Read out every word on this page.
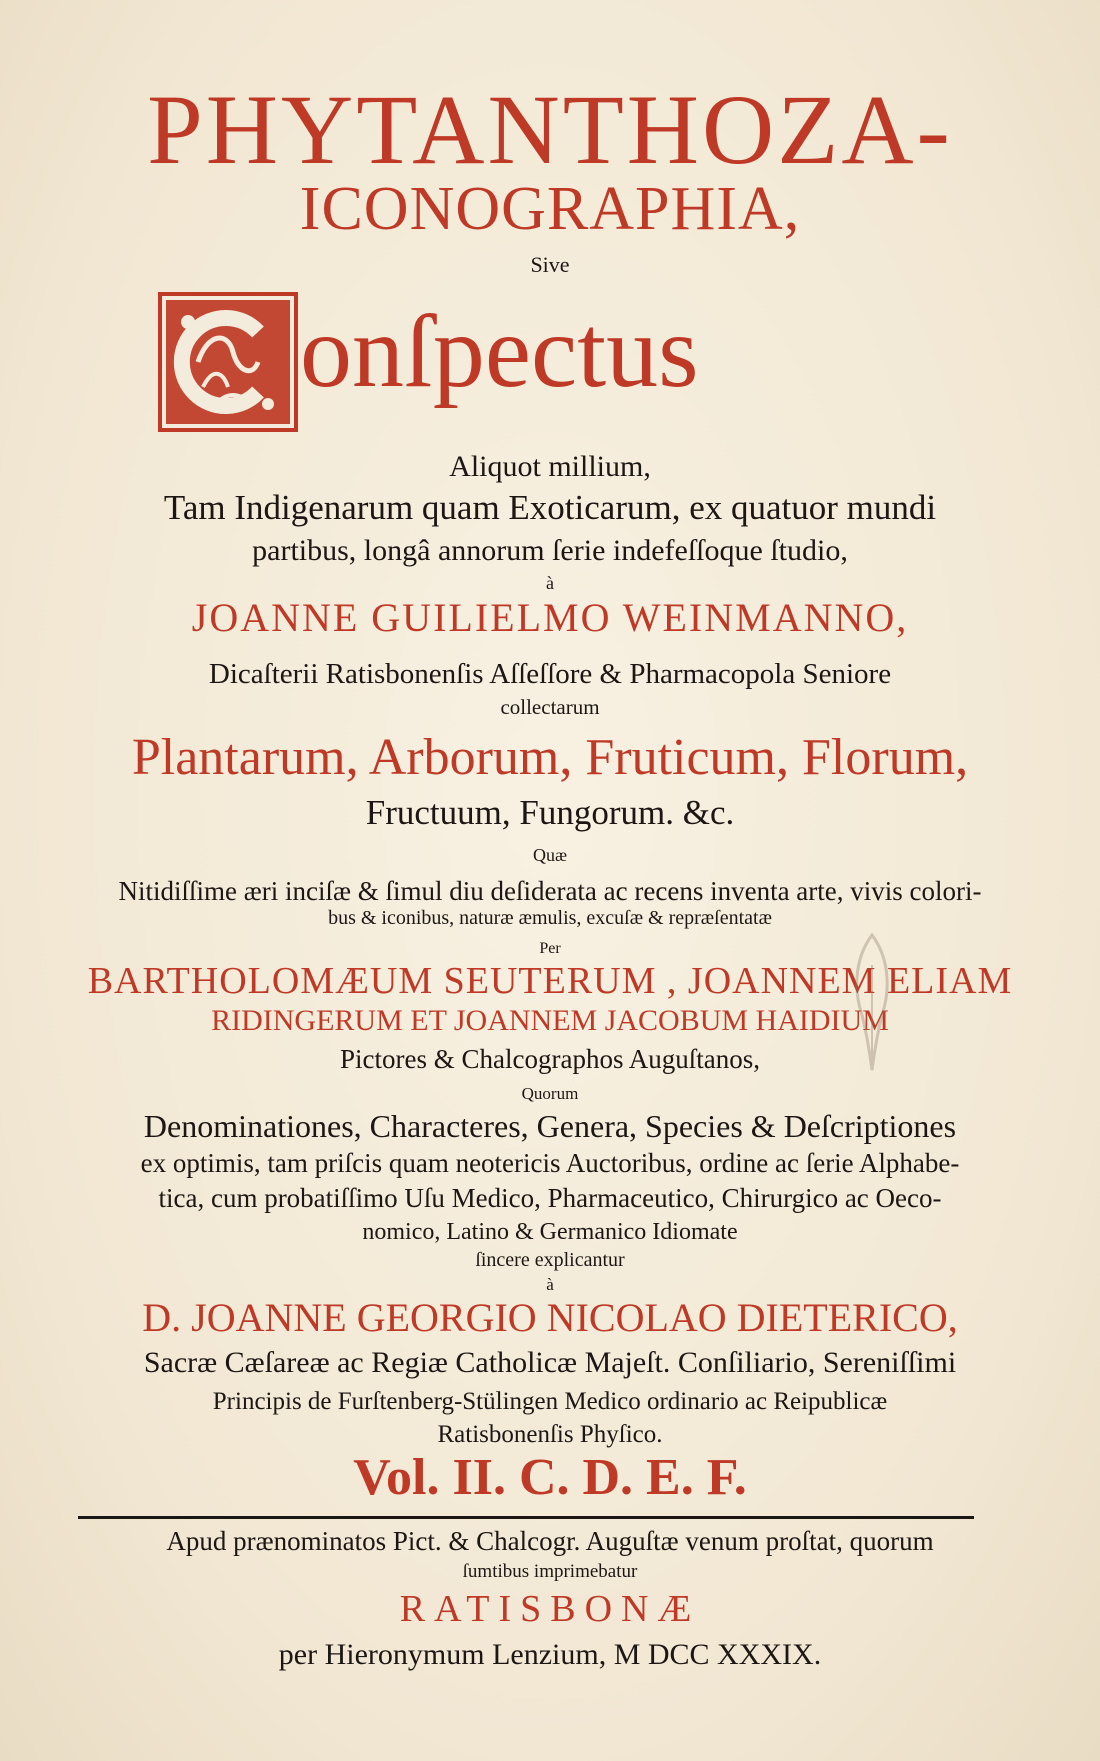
PHYTANTHOZA-
ICONOGRAPHIA,
Sive
onſpectus
Aliquot millium,
Tam Indigenarum quam Exoticarum, ex quatuor mundi
partibus, longâ annorum ſerie indefeſſoque ſtudio,
à
JOANNE GUILIELMO WEINMANNO,
Dicaſterii Ratisbonenſis Aſſeſſore & Pharmacopola Seniore
collectarum
Plantarum, Arborum, Fruticum, Florum,
Fructuum, Fungorum. &c.
Quæ
Nitidiſſime æri inciſæ & ſimul diu deſiderata ac recens inventa arte, vivis colori-
bus & iconibus, naturæ æmulis, excuſæ & repræſentatæ
Per
BARTHOLOMÆUM SEUTERUM , JOANNEM ELIAM
RIDINGERUM ET JOANNEM JACOBUM HAIDIUM
Pictores & Chalcographos Auguſtanos,
Quorum
Denominationes, Characteres, Genera, Species & Deſcriptiones
ex optimis, tam priſcis quam neotericis Auctoribus, ordine ac ſerie Alphabe-
tica, cum probatiſſimo Uſu Medico, Pharmaceutico, Chirurgico ac Oeco-
nomico, Latino & Germanico Idiomate
ſincere explicantur
à
D. JOANNE GEORGIO NICOLAO DIETERICO,
Sacræ Cæſareæ ac Regiæ Catholicæ Majeſt. Conſiliario, Sereniſſimi
Principis de Furſtenberg-Stülingen Medico ordinario ac Reipublicæ
Ratisbonenſis Phyſico.
Vol. II. C. D. E. F.
Apud prænominatos Pict. & Chalcogr. Auguſtæ venum proſtat, quorum
ſumtibus imprimebatur
RATISBONÆ
per Hieronymum Lenzium, M DCC XXXIX.
